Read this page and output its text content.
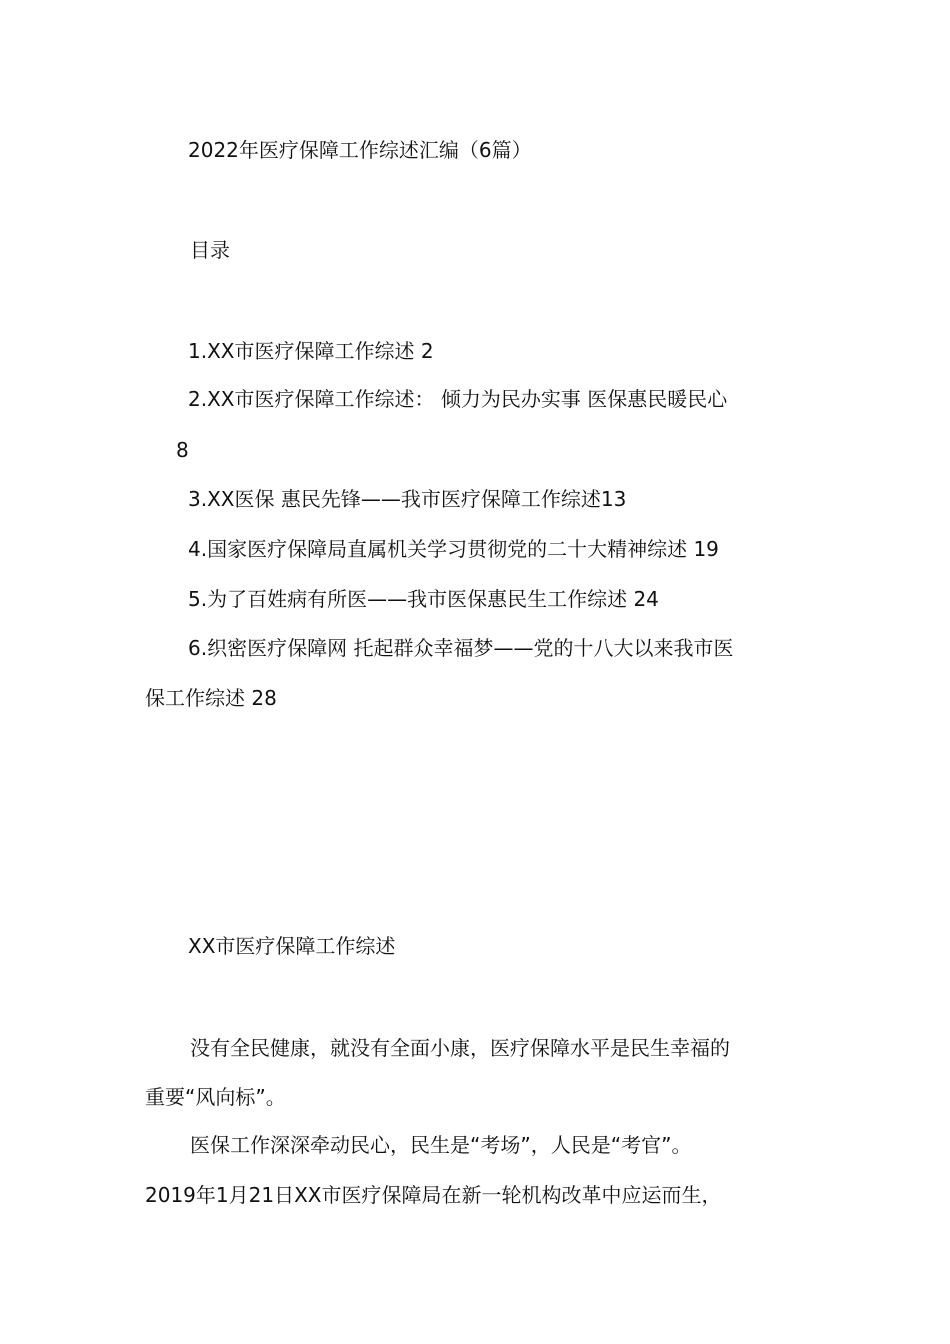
2022年医疗保障工作综述汇编（6篇）
目录
1.XX市医疗保障工作综述 2
2.XX市医疗保障工作综述： 倾力为民办实事 医保惠民暖民心
8
3.XX医保 惠民先锋——我市医疗保障工作综述13
4.国家医疗保障局直属机关学习贯彻党的二十大精神综述 19
5.为了百姓病有所医——我市医保惠民生工作综述 24
6.织密医疗保障网 托起群众幸福梦——党的十八大以来我市医
保工作综述 28
XX市医疗保障工作综述
没有全民健康，就没有全面小康，医疗保障水平是民生幸福的
重要“风向标”。
医保工作深深牵动民心，民生是“考场”，人民是“考官”。
2019年1月21日XX市医疗保障局在新一轮机构改革中应运而生，
